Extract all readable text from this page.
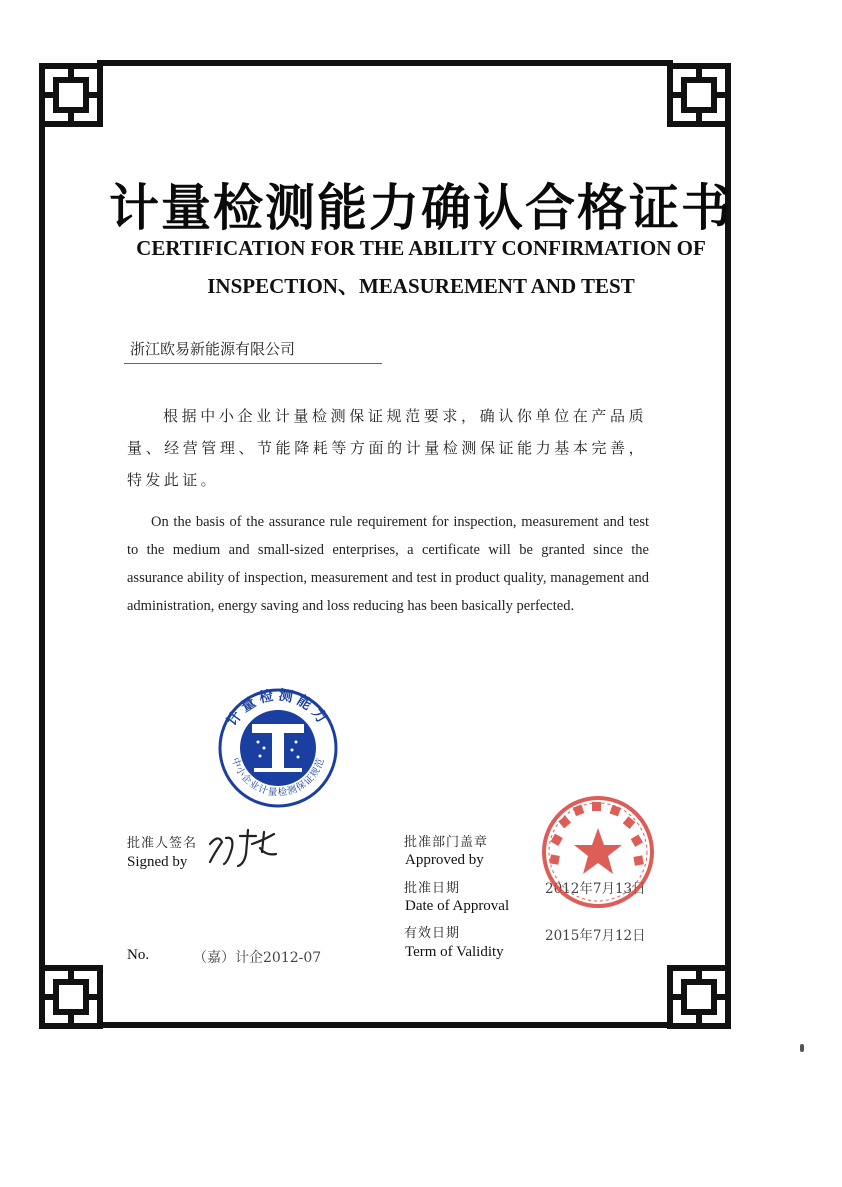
计量检测能力确认合格证书
CERTIFICATION FOR THE ABILITY CONFIRMATION OF
INSPECTION、MEASUREMENT AND TEST
浙江欧易新能源有限公司
根据中小企业计量检测保证规范要求，确认你单位在产品质量、经营管理、节能降耗等方面的计量检测保证能力基本完善，特发此证。
On the basis of the assurance rule requirement for inspection, measurement and test to the medium and small-sized enterprises, a certificate will be granted since the assurance ability of inspection, measurement and test in product quality, management and administration, energy saving and loss reducing has been basically perfected.
计量检测能力
中小企业计量检测保证规范
批准人签名
Signed by
批准部门盖章
Approved by
批准日期
Date of Approval
2012年7月13日
有效日期
Term of Validity
2015年7月12日
No.	（嘉）计企2012-07
